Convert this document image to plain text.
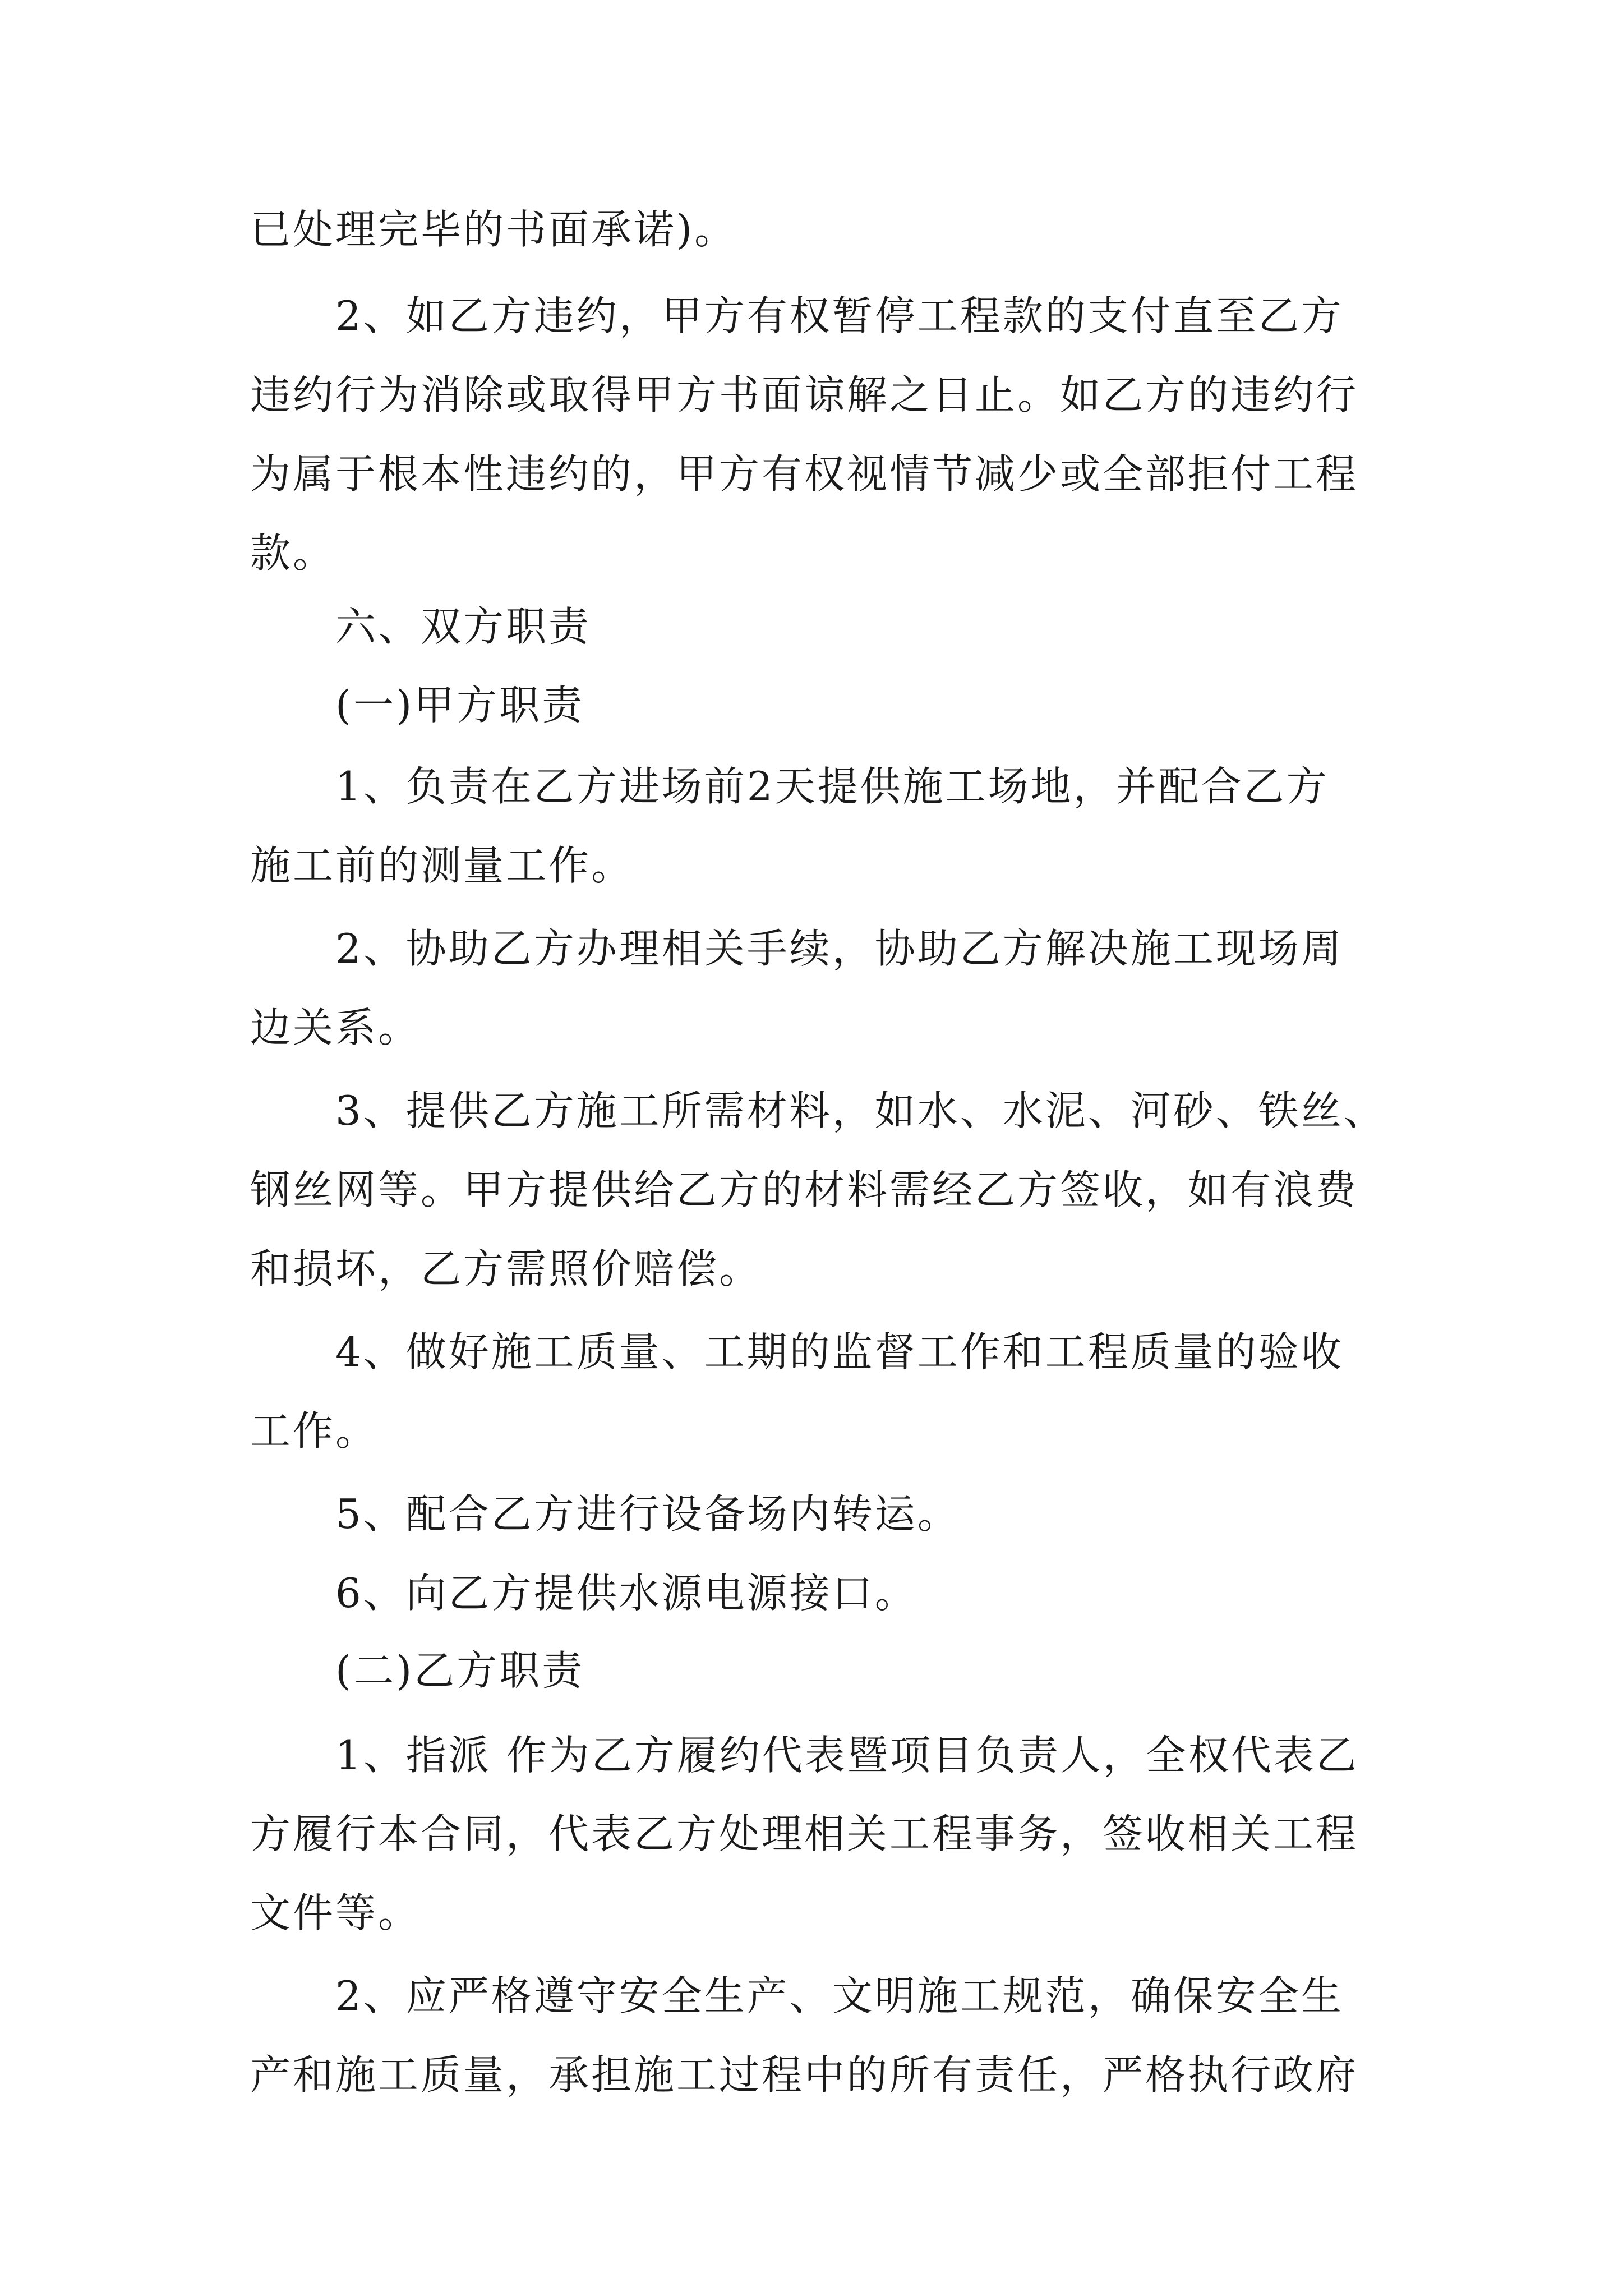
已处理完毕的书面承诺)。
2、如乙方违约，甲方有权暂停工程款的支付直至乙方
违约行为消除或取得甲方书面谅解之日止。如乙方的违约行
为属于根本性违约的，甲方有权视情节减少或全部拒付工程
款。
六、双方职责
(一)甲方职责
1、负责在乙方进场前2天提供施工场地，并配合乙方
施工前的测量工作。
2、协助乙方办理相关手续，协助乙方解决施工现场周
边关系。
3、提供乙方施工所需材料，如水、水泥、河砂、铁丝、
钢丝网等。甲方提供给乙方的材料需经乙方签收，如有浪费
和损坏，乙方需照价赔偿。
4、做好施工质量、工期的监督工作和工程质量的验收
工作。
5、配合乙方进行设备场内转运。
6、向乙方提供水源电源接口。
(二)乙方职责
1、指派 作为乙方履约代表暨项目负责人，全权代表乙
方履行本合同，代表乙方处理相关工程事务，签收相关工程
文件等。
2、应严格遵守安全生产、文明施工规范，确保安全生
产和施工质量，承担施工过程中的所有责任，严格执行政府
